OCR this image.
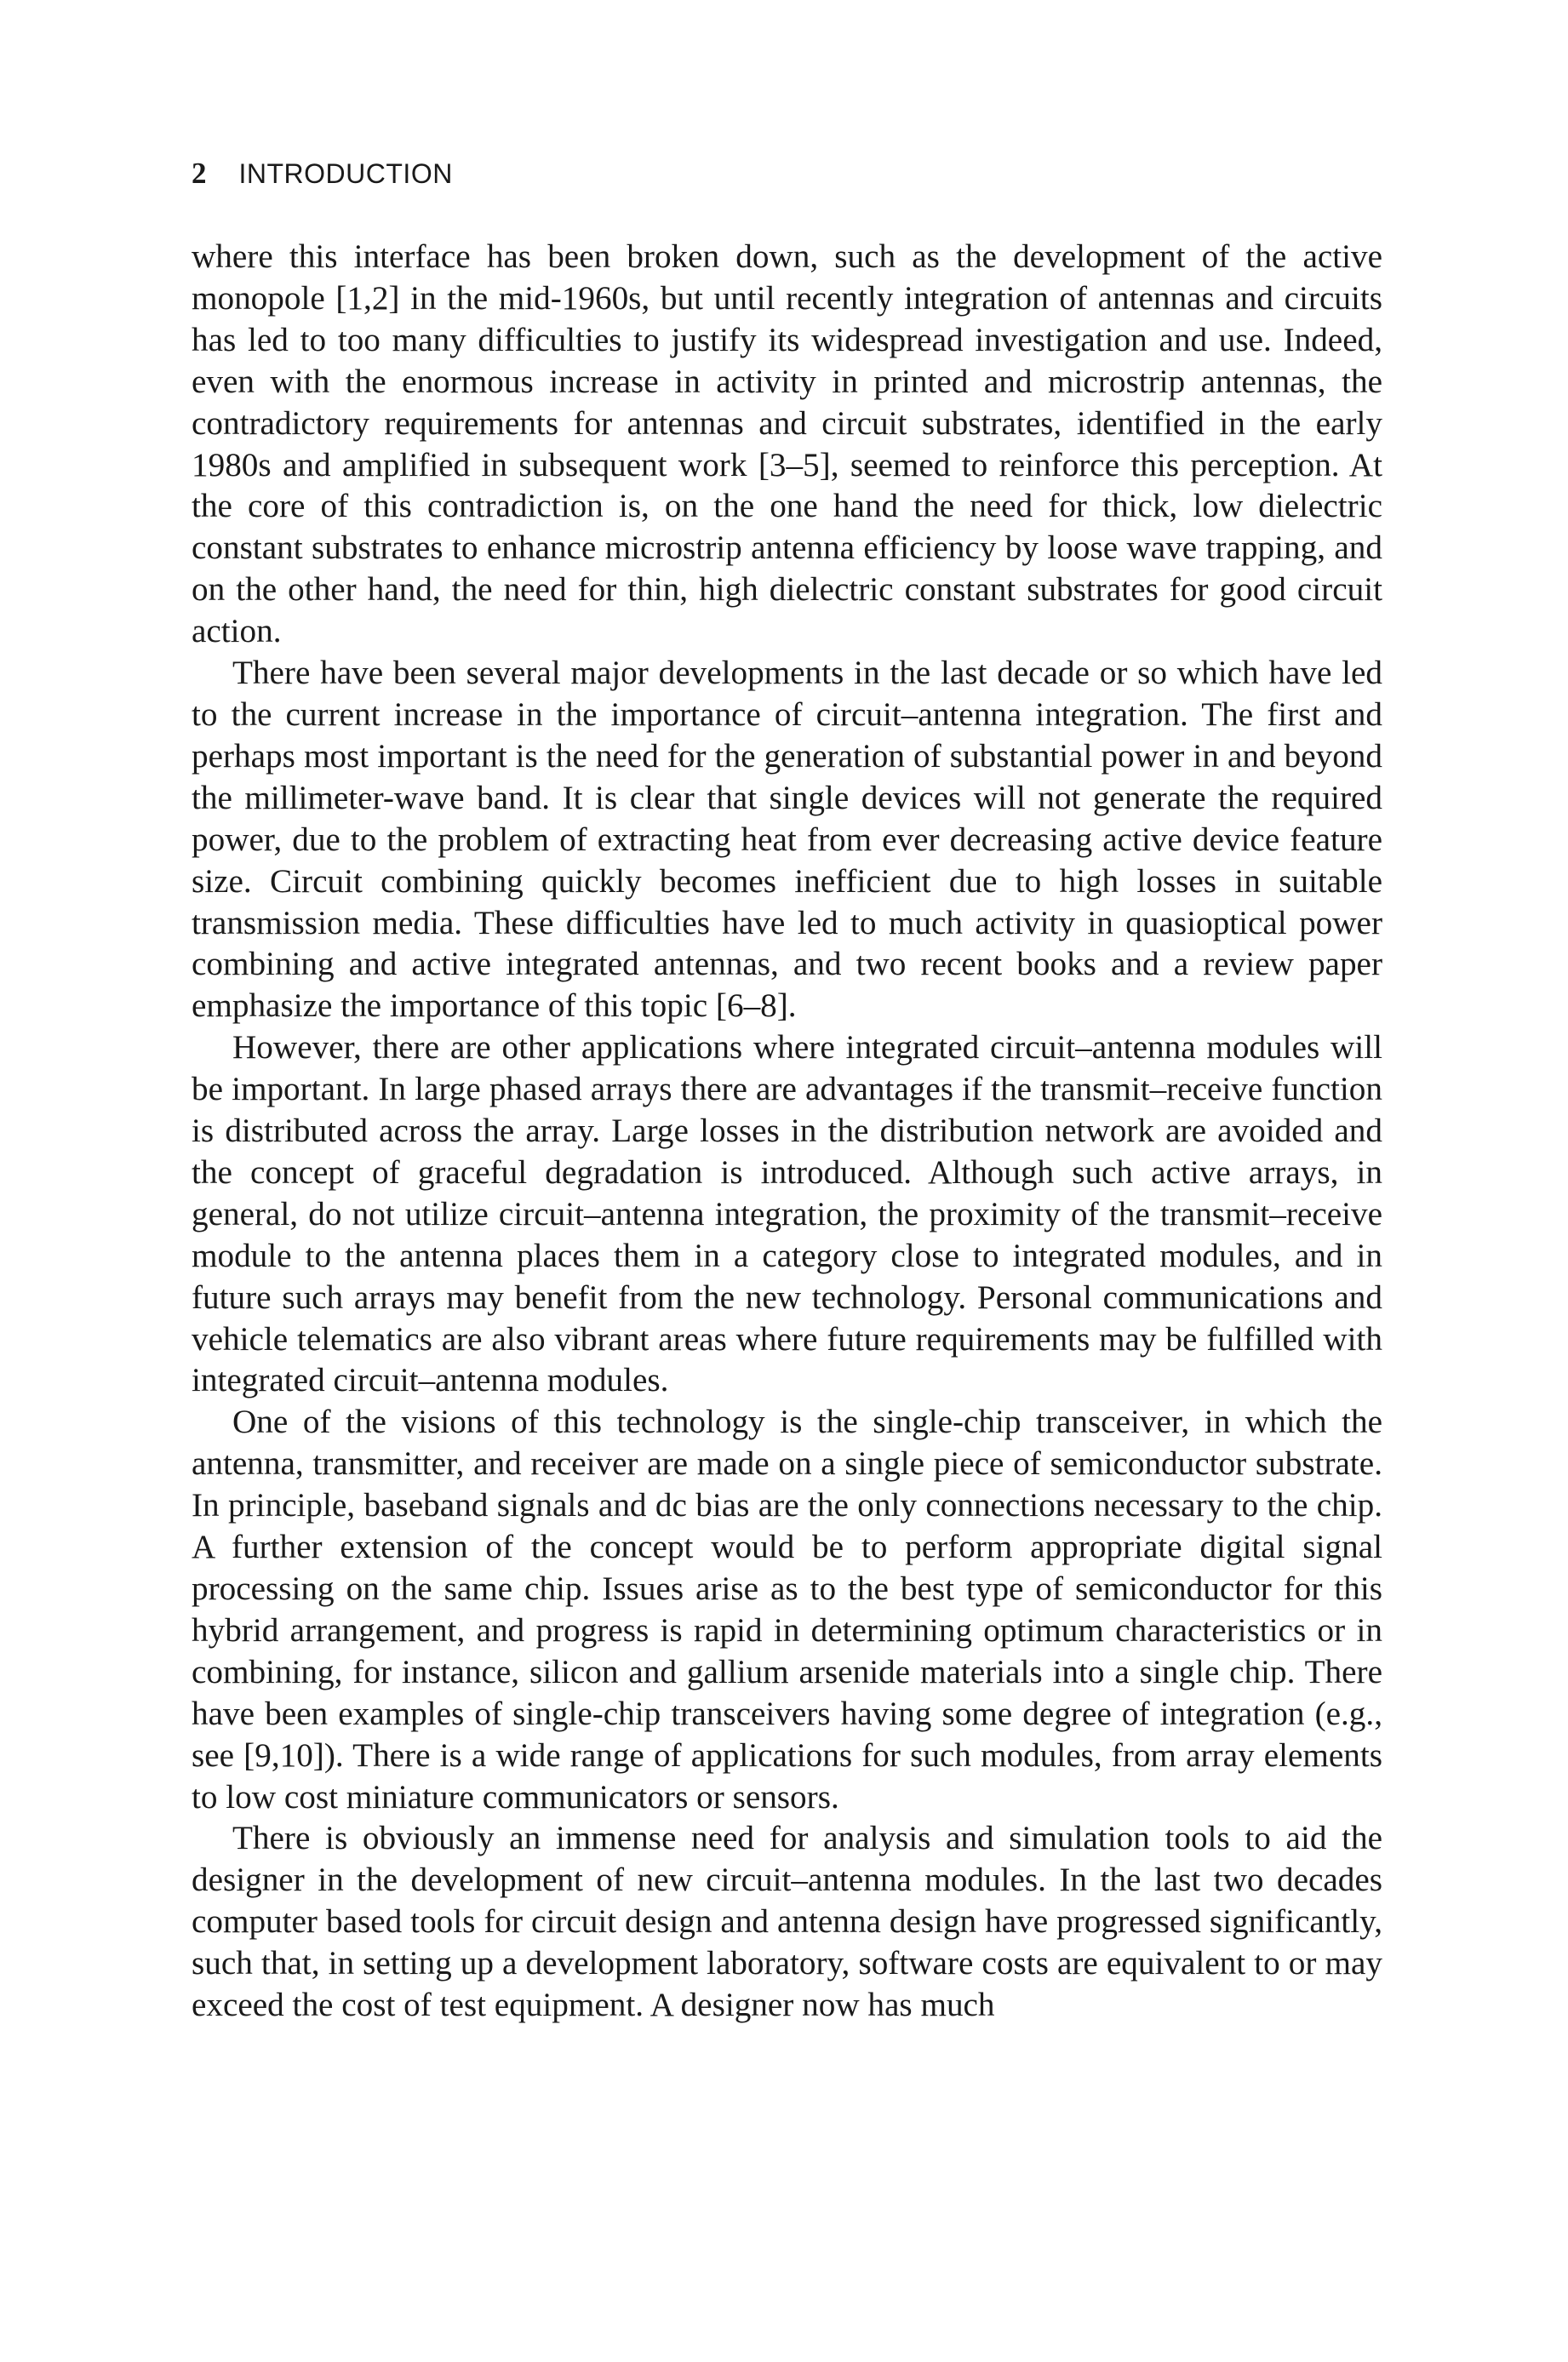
2 INTRODUCTION

where this interface has been broken down, such as the development of the active monopole [1,2] in the mid-1960s, but until recently integration of antennas and circuits has led to too many difficulties to justify its widespread investigation and use. Indeed, even with the enormous increase in activity in printed and microstrip antennas, the contradictory requirements for antennas and circuit substrates, identified in the early 1980s and amplified in subsequent work [3–5], seemed to reinforce this perception. At the core of this contradiction is, on the one hand the need for thick, low dielectric constant substrates to enhance microstrip antenna efficiency by loose wave trapping, and on the other hand, the need for thin, high dielectric constant substrates for good circuit action.

There have been several major developments in the last decade or so which have led to the current increase in the importance of circuit–antenna integration. The first and perhaps most important is the need for the generation of substantial power in and beyond the millimeter-wave band. It is clear that single devices will not generate the required power, due to the problem of extracting heat from ever decreasing active device feature size. Circuit combining quickly becomes inefficient due to high losses in suitable transmission media. These difficulties have led to much activity in quasioptical power combining and active integrated antennas, and two recent books and a review paper emphasize the importance of this topic [6–8].

However, there are other applications where integrated circuit–antenna modules will be important. In large phased arrays there are advantages if the transmit–receive function is distributed across the array. Large losses in the distribution network are avoided and the concept of graceful degradation is introduced. Although such active arrays, in general, do not utilize circuit–antenna integration, the proximity of the transmit–receive module to the antenna places them in a category close to integrated modules, and in future such arrays may benefit from the new technology. Personal communications and vehicle telematics are also vibrant areas where future requirements may be fulfilled with integrated circuit–antenna modules.

One of the visions of this technology is the single-chip transceiver, in which the antenna, transmitter, and receiver are made on a single piece of semiconductor substrate. In principle, baseband signals and dc bias are the only connections necessary to the chip. A further extension of the concept would be to perform appropriate digital signal processing on the same chip. Issues arise as to the best type of semiconductor for this hybrid arrangement, and progress is rapid in determining optimum characteristics or in combining, for instance, silicon and gallium arsenide materials into a single chip. There have been examples of single-chip transceivers having some degree of integration (e.g., see [9,10]). There is a wide range of applications for such modules, from array elements to low cost miniature communicators or sensors.

There is obviously an immense need for analysis and simulation tools to aid the designer in the development of new circuit–antenna modules. In the last two decades computer based tools for circuit design and antenna design have progressed significantly, such that, in setting up a development laboratory, software costs are equivalent to or may exceed the cost of test equipment. A designer now has much
